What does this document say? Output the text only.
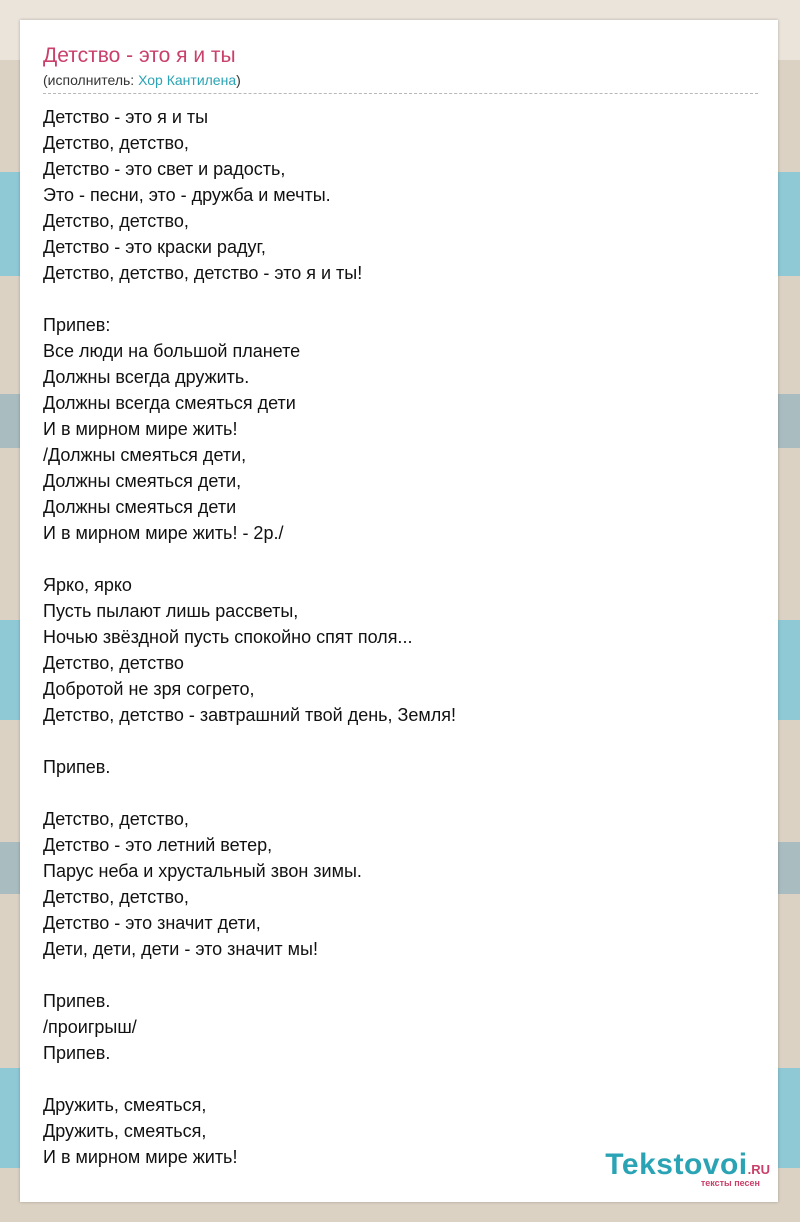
Детство - это я и ты
(исполнитель: Хор Кантилена)
Детство - это я и ты
Детство, детство,
Детство - это свет и радость,
Это - песни, это - дружба и мечты.
Детство, детство,
Детство - это краски радуг,
Детство, детство, детство - это я и ты!
Припев:
Все люди на большой планете
Должны всегда дружить.
Должны всегда смеяться дети
И в мирном мире жить!
/Должны смеяться дети,
Должны смеяться дети,
Должны смеяться дети
И в мирном мире жить! - 2р./
Ярко, ярко
Пусть пылают лишь рассветы,
Ночью звёздной пусть спокойно спят поля...
Детство, детство
Добротой не зря согрето,
Детство, детство - завтрашний твой день, Земля!
Припев.
Детство, детство,
Детство - это летний ветер,
Парус неба и хрустальный звон зимы.
Детство, детство,
Детство - это значит дети,
Дети, дети, дети - это значит мы!
Припев.
/проигрыш/
Припев.
Дружить, смеяться,
Дружить, смеяться,
И в мирном мире жить!	Tekstovoi.RU
тексты песен
